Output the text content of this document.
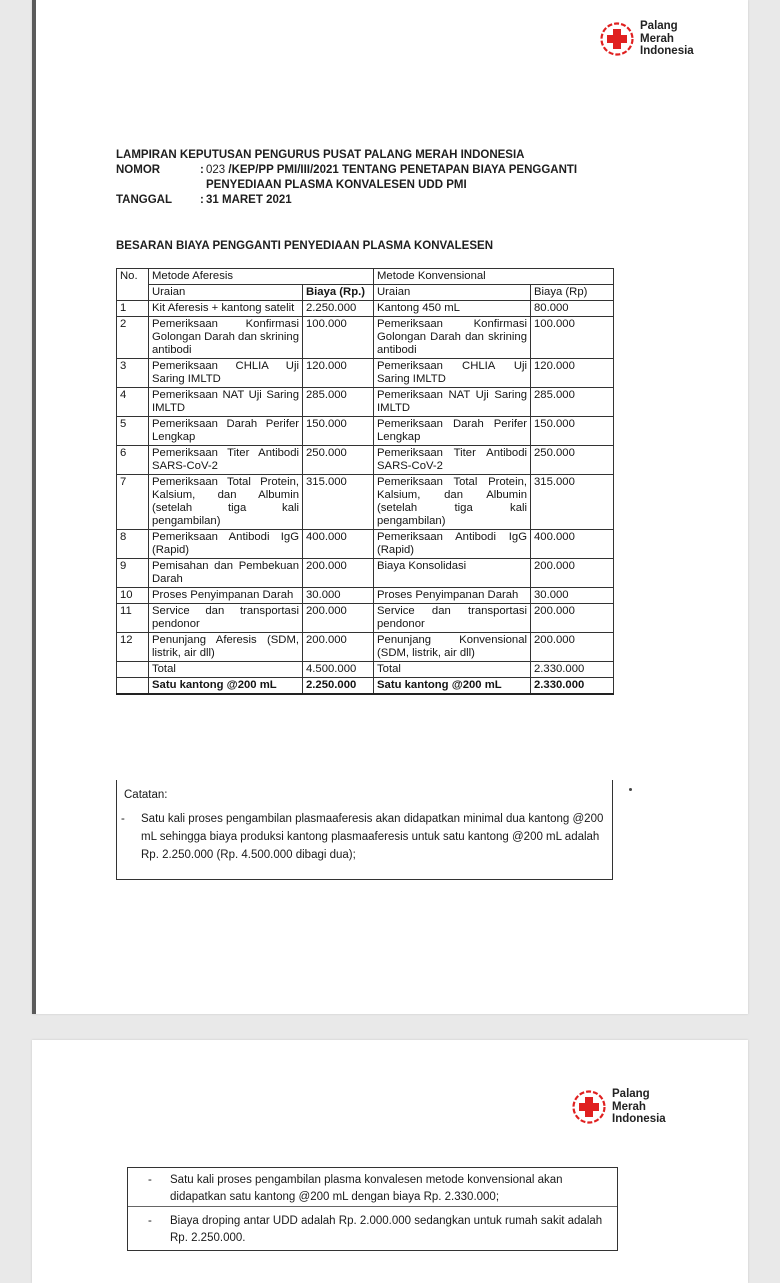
Palang
Merah
Indonesia
LAMPIRAN KEPUTUSAN PENGURUS PUSAT PALANG MERAH INDONESIA
NOMOR	: 023 /KEP/PP PMI/III/2021 TENTANG PENETAPAN BIAYA PENGGANTI
PENYEDIAAN PLASMA KONVALESEN UDD PMI
TANGGAL	: 31 MARET 2021
BESARAN BIAYA PENGGANTI PENYEDIAAN PLASMA KONVALESEN
No.	Metode Aferesis		Metode Konvensional	
	Uraian	Biaya (Rp.)	Uraian	Biaya (Rp)
1	Kit Aferesis + kantong satelit	2.250.000	Kantong 450 mL	80.000
2	Pemeriksaan Konfirmasi Golongan Darah dan skrining antibodi	100.000	Pemeriksaan Konfirmasi Golongan Darah dan skrining antibodi	100.000
3	Pemeriksaan CHLIA Uji Saring IMLTD	120.000	Pemeriksaan CHLIA Uji Saring IMLTD	120.000
4	Pemeriksaan NAT Uji Saring IMLTD	285.000	Pemeriksaan NAT Uji Saring IMLTD	285.000
5	Pemeriksaan Darah Perifer Lengkap	150.000	Pemeriksaan Darah Perifer Lengkap	150.000
6	Pemeriksaan Titer Antibodi SARS-CoV-2	250.000	Pemeriksaan Titer Antibodi SARS-CoV-2	250.000
7	Pemeriksaan Total Protein, Kalsium, dan Albumin (setelah tiga kali pengambilan)	315.000	Pemeriksaan Total Protein, Kalsium, dan Albumin (setelah tiga kali pengambilan)	315.000
8	Pemeriksaan Antibodi IgG (Rapid)	400.000	Pemeriksaan Antibodi IgG (Rapid)	400.000
9	Pemisahan dan Pembekuan Darah	200.000	Biaya Konsolidasi	200.000
10	Proses Penyimpanan Darah	30.000	Proses Penyimpanan Darah	30.000
11	Service dan transportasi pendonor	200.000	Service dan transportasi pendonor	200.000
12	Penunjang Aferesis (SDM, listrik, air dll)	200.000	Penunjang Konvensional (SDM, listrik, air dll)	200.000
	Total	4.500.000	Total	2.330.000
	Satu kantong @200 mL	2.250.000	Satu kantong @200 mL	2.330.000
Catatan:
- Satu kali proses pengambilan plasmaaferesis akan didapatkan minimal dua kantong @200 mL sehingga biaya produksi kantong plasmaaferesis untuk satu kantong @200 mL adalah Rp. 2.250.000 (Rp. 4.500.000 dibagi dua);
Palang
Merah
Indonesia
- Satu kali proses pengambilan plasma konvalesen metode konvensional akan didapatkan satu kantong @200 mL dengan biaya Rp. 2.330.000;
- Biaya droping antar UDD adalah Rp. 2.000.000 sedangkan untuk rumah sakit adalah Rp. 2.250.000.
